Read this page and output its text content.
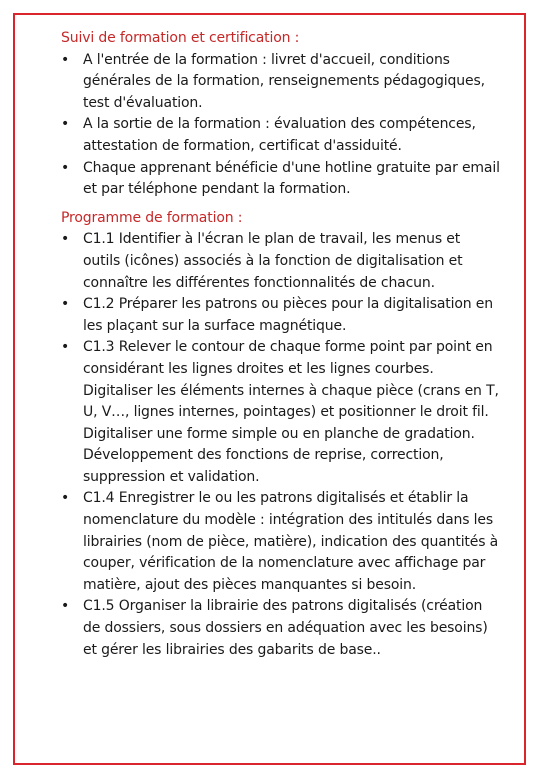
Suivi de formation et certification :

• A l'entrée de la formation : livret d'accueil, conditions générales de la formation, renseignements pédagogiques, test d'évaluation.
• A la sortie de la formation : évaluation des compétences, attestation de formation, certificat d'assiduité.
• Chaque apprenant bénéficie d'une hotline gratuite par email et par téléphone pendant la formation.

Programme de formation :

• C1.1 Identifier à l'écran le plan de travail, les menus et outils (icônes) associés à la fonction de digitalisation et connaître les différentes fonctionnalités de chacun.
• C1.2 Préparer les patrons ou pièces pour la digitalisation en les plaçant sur la surface magnétique.
• C1.3 Relever le contour de chaque forme point par point en considérant les lignes droites et les lignes courbes. Digitaliser les éléments internes à chaque pièce (crans en T, U, V…, lignes internes, pointages) et positionner le droit fil. Digitaliser une forme simple ou en planche de gradation. Développement des fonctions de reprise, correction, suppression et validation.
• C1.4 Enregistrer le ou les patrons digitalisés et établir la nomenclature du modèle : intégration des intitulés dans les librairies (nom de pièce, matière), indication des quantités à couper, vérification de la nomenclature avec affichage par matière, ajout des pièces manquantes si besoin.
• C1.5 Organiser la librairie des patrons digitalisés (création de dossiers, sous dossiers en adéquation avec les besoins) et gérer les librairies des gabarits de base..
